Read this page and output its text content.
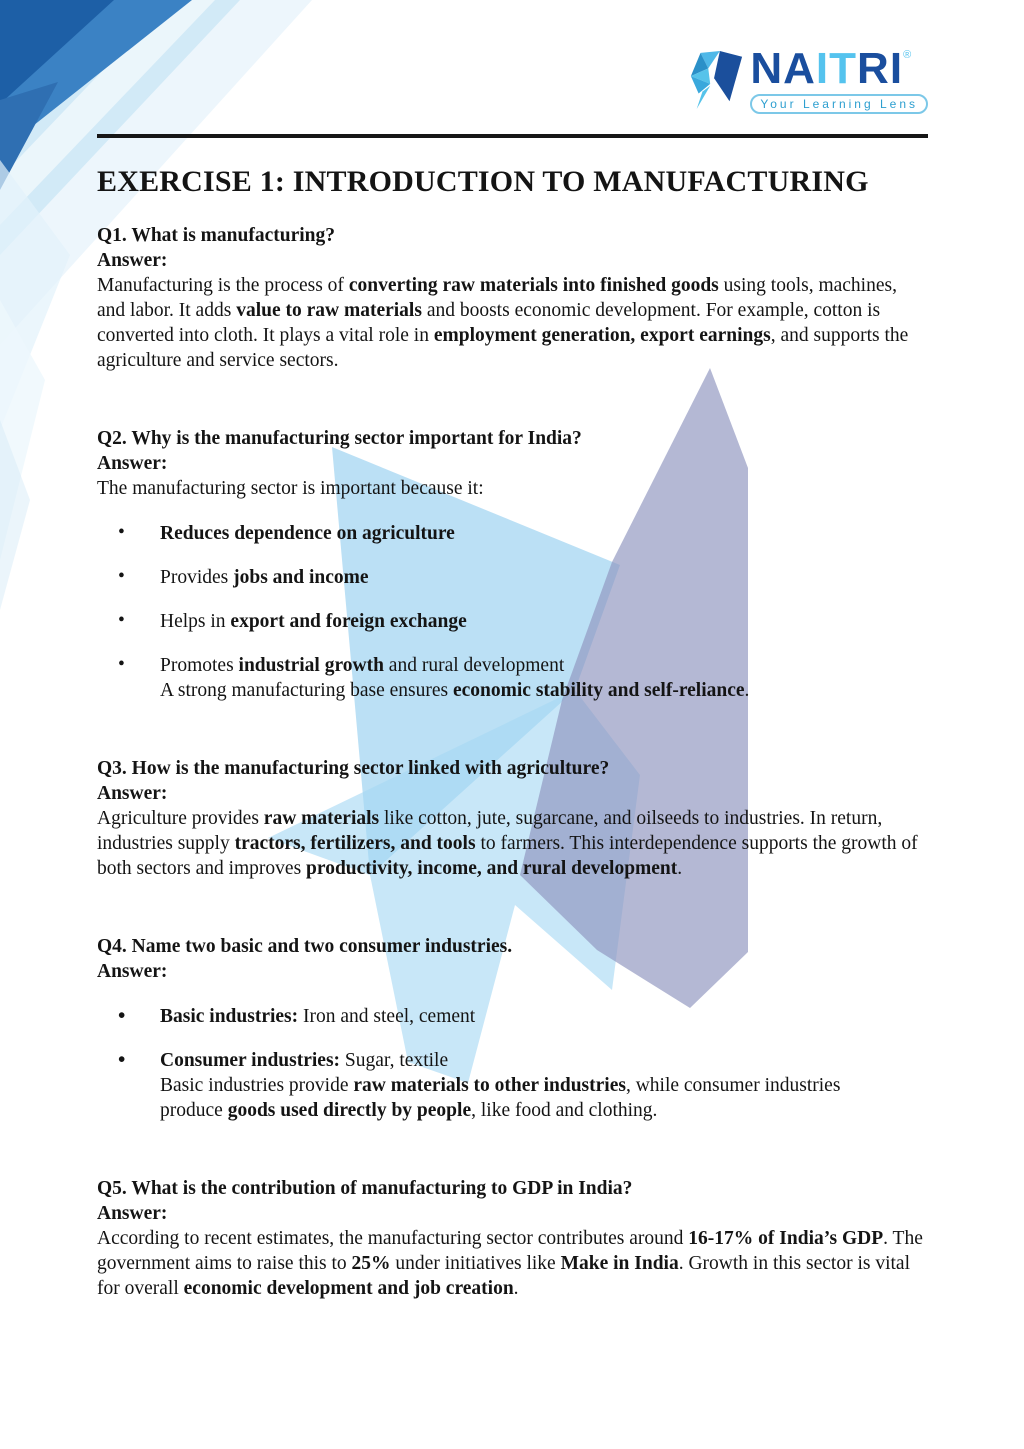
N A I T R I ®
Your Learning Lens
EXERCISE 1: INTRODUCTION TO MANUFACTURING
Q1. What is manufacturing?
Answer:
Manufacturing is the process of converting raw materials into finished goods using tools, machines, and labor. It adds value to raw materials and boosts economic development. For example, cotton is converted into cloth. It plays a vital role in employment generation, export earnings, and supports the agriculture and service sectors.
Q2. Why is the manufacturing sector important for India?
Answer:
The manufacturing sector is important because it:
• Reduces dependence on agriculture
• Provides jobs and income
• Helps in export and foreign exchange
• Promotes industrial growth and rural development
A strong manufacturing base ensures economic stability and self-reliance.
Q3. How is the manufacturing sector linked with agriculture?
Answer:
Agriculture provides raw materials like cotton, jute, sugarcane, and oilseeds to industries. In return, industries supply tractors, fertilizers, and tools to farmers. This interdependence supports the growth of both sectors and improves productivity, income, and rural development.
Q4. Name two basic and two consumer industries.
Answer:
• Basic industries: Iron and steel, cement
• Consumer industries: Sugar, textile
Basic industries provide raw materials to other industries, while consumer industries
produce goods used directly by people, like food and clothing.
Q5. What is the contribution of manufacturing to GDP in India?
Answer:
According to recent estimates, the manufacturing sector contributes around 16-17% of India’s GDP. The government aims to raise this to 25% under initiatives like Make in India. Growth in this sector is vital for overall economic development and job creation.
